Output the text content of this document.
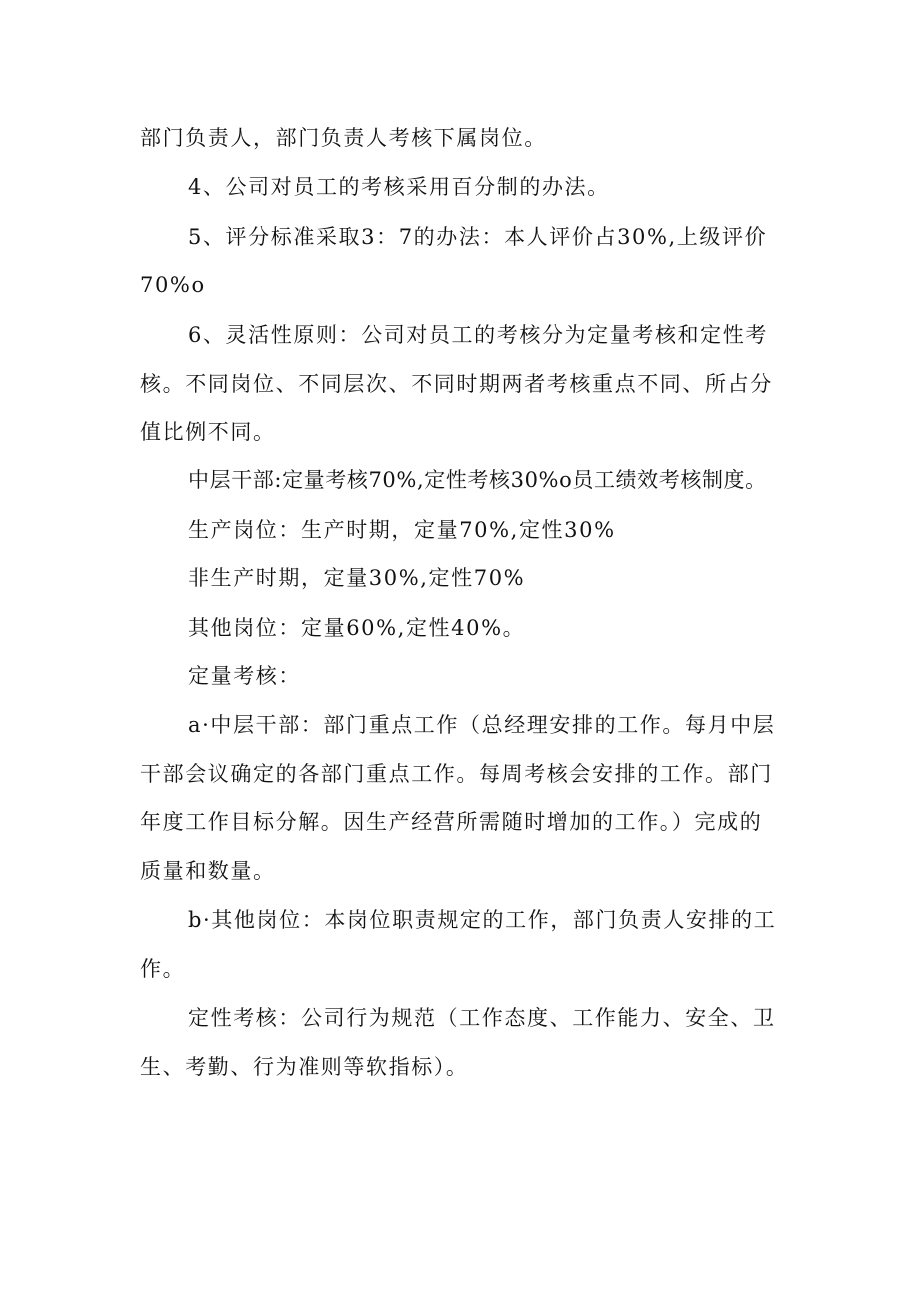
部门负责人，部门负责人考核下属岗位。
4、公司对员工的考核采用百分制的办法。
5、评分标准采取3：7的办法：本人评价占30%,上级评价
70%o
6、灵活性原则：公司对员工的考核分为定量考核和定性考
核。不同岗位、不同层次、不同时期两者考核重点不同、所占分
值比例不同。
中层干部:定量考核70%,定性考核30%o员工绩效考核制度。
生产岗位：生产时期，定量70%,定性30%
非生产时期，定量30%,定性70%
其他岗位：定量60%,定性40%。
定量考核：
a·中层干部：部门重点工作（总经理安排的工作。每月中层
干部会议确定的各部门重点工作。每周考核会安排的工作。部门
年度工作目标分解。因生产经营所需随时增加的工作。）完成的
质量和数量。
b·其他岗位：本岗位职责规定的工作，部门负责人安排的工
作。
定性考核：公司行为规范（工作态度、工作能力、安全、卫
生、考勤、行为准则等软指标）。
